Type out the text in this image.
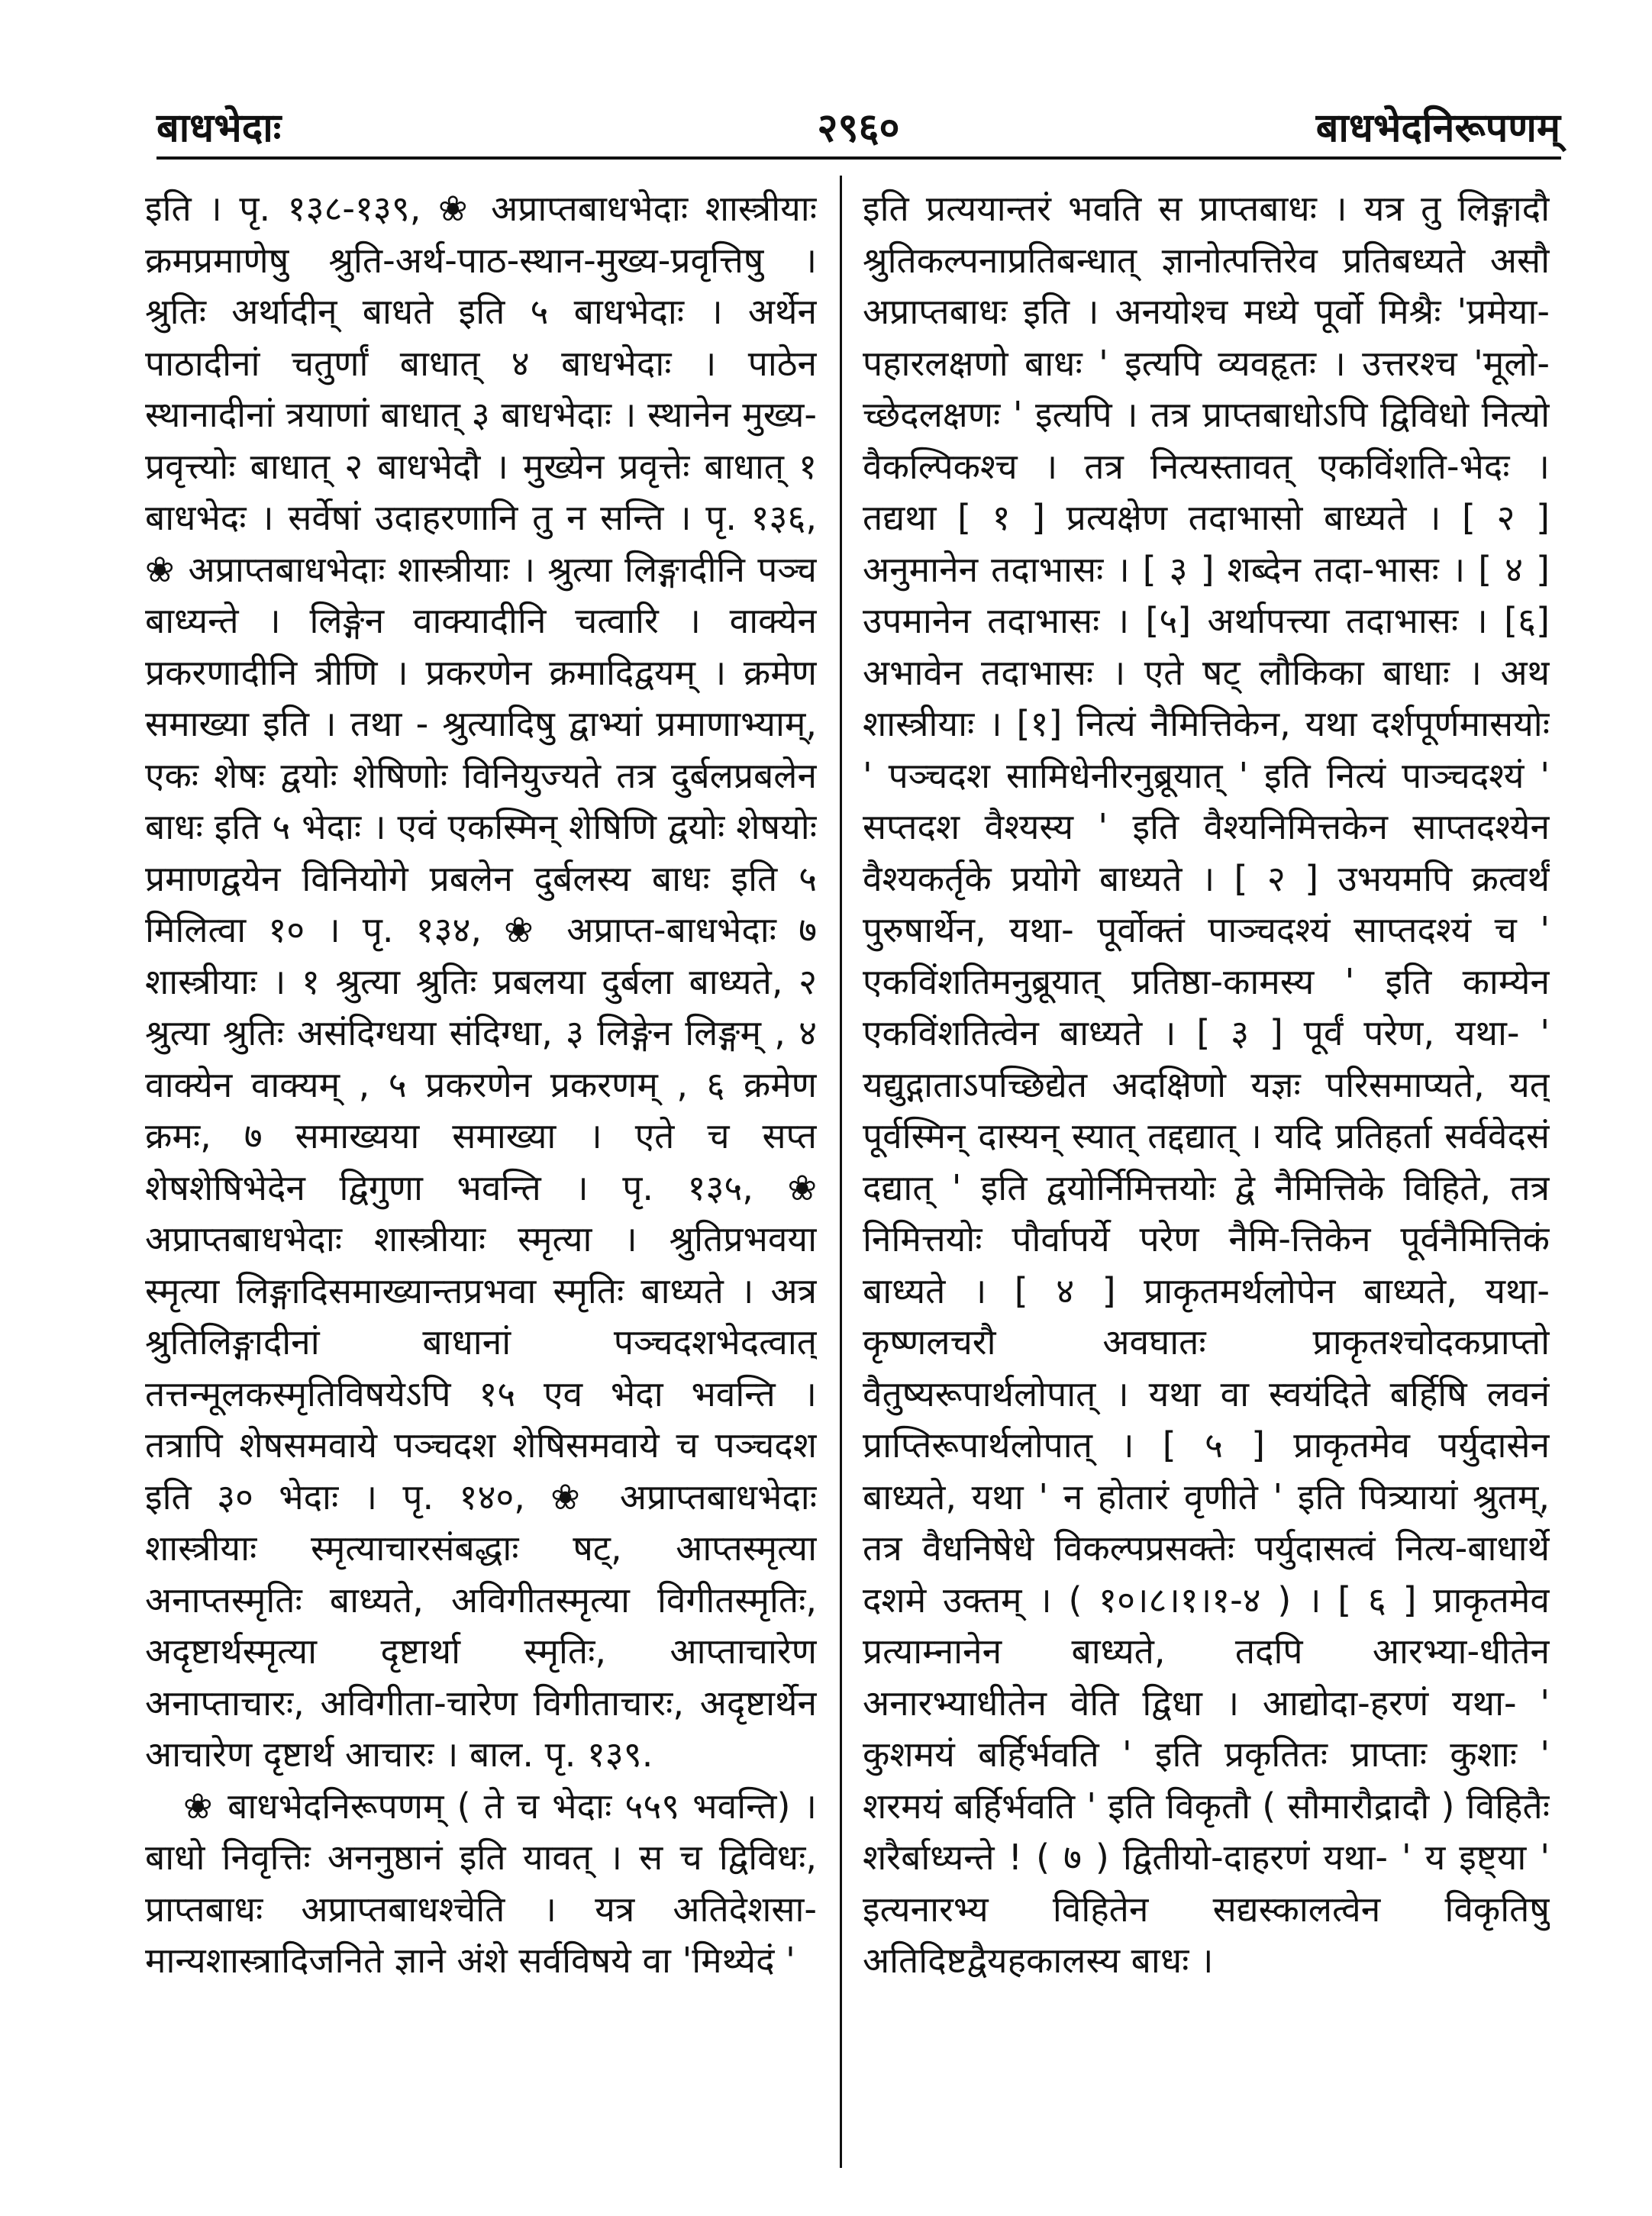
बाधभेदाः	२९६०	बाधभेदनिरूपणम्

इति । पृ. १३८-१३९, ❀ अप्राप्तबाधभेदाः शास्त्रीयाः क्रमप्रमाणेषु श्रुति-अर्थ-पाठ-स्थान-मुख्य-प्रवृत्तिषु । श्रुतिः अर्थादीन् बाधते इति ५ बाधभेदाः । अर्थेन पाठादीनां चतुर्णां बाधात् ४ बाधभेदाः । पाठेन स्थानादीनां त्रयाणां बाधात् ३ बाधभेदाः । स्थानेन मुख्य-प्रवृत्त्योः बाधात् २ बाधभेदौ । मुख्येन प्रवृत्तेः बाधात् १ बाधभेदः । सर्वेषां उदाहरणानि तु न सन्ति । पृ. १३६, ❀ अप्राप्तबाधभेदाः शास्त्रीयाः । श्रुत्या लिङ्गादीनि पञ्च बाध्यन्ते । लिङ्गेन वाक्यादीनि चत्वारि । वाक्येन प्रकरणादीनि त्रीणि । प्रकरणेन क्रमादिद्वयम् । क्रमेण समाख्या इति । तथा - श्रुत्यादिषु द्वाभ्यां प्रमाणाभ्याम्, एकः शेषः द्वयोः शेषिणोः विनियुज्यते तत्र दुर्बलप्रबलेन बाधः इति ५ भेदाः । एवं एकस्मिन् शेषिणि द्वयोः शेषयोः प्रमाणद्वयेन विनियोगे प्रबलेन दुर्बलस्य बाधः इति ५ मिलित्वा १० । पृ. १३४, ❀ अप्राप्त-बाधभेदाः ७ शास्त्रीयाः । १ श्रुत्या श्रुतिः प्रबलया दुर्बला बाध्यते, २ श्रुत्या श्रुतिः असंदिग्धया संदिग्धा, ३ लिङ्गेन लिङ्गम् , ४ वाक्येन वाक्यम् , ५ प्रकरणेन प्रकरणम् , ६ क्रमेण क्रमः, ७ समाख्यया समाख्या । एते च सप्त शेषशेषिभेदेन द्विगुणा भवन्ति । पृ. १३५, ❀ अप्राप्तबाधभेदाः शास्त्रीयाः स्मृत्या । श्रुतिप्रभवया स्मृत्या लिङ्गादिसमाख्यान्तप्रभवा स्मृतिः बाध्यते । अत्र श्रुतिलिङ्गादीनां बाधानां पञ्चदशभेदत्वात् तत्तन्मूलकस्मृतिविषयेऽपि १५ एव भेदा भवन्ति । तत्रापि शेषसमवाये पञ्चदश शेषिसमवाये च पञ्चदश इति ३० भेदाः । पृ. १४०, ❀ अप्राप्तबाधभेदाः शास्त्रीयाः स्मृत्याचारसंबद्धाः षट्, आप्तस्मृत्या अनाप्तस्मृतिः बाध्यते, अविगीतस्मृत्या विगीतस्मृतिः, अदृष्टार्थस्मृत्या दृष्टार्था स्मृतिः, आप्ताचारेण अनाप्ताचारः, अविगीता-चारेण विगीताचारः, अदृष्टार्थेन आचारेण दृष्टार्थ आचारः । बाल. पृ. १३९.

❀ बाधभेदनिरूपणम् ( ते च भेदाः ५५९ भवन्ति) । बाधो निवृत्तिः अननुष्ठानं इति यावत् । स च द्विविधः, प्राप्तबाधः अप्राप्तबाधश्चेति । यत्र अतिदेशसा-मान्यशास्त्रादिजनिते ज्ञाने अंशे सर्वविषये वा 'मिथ्येदं '

इति प्रत्ययान्तरं भवति स प्राप्तबाधः । यत्र तु लिङ्गादौ श्रुतिकल्पनाप्रतिबन्धात् ज्ञानोत्पत्तिरेव प्रतिबध्यते असौ अप्राप्तबाधः इति । अनयोश्च मध्ये पूर्वो मिश्रैः 'प्रमेया-पहारलक्षणो बाधः ' इत्यपि व्यवहृतः । उत्तरश्च 'मूलो-च्छेदलक्षणः ' इत्यपि । तत्र प्राप्तबाधोऽपि द्विविधो नित्यो वैकल्पिकश्च । तत्र नित्यस्तावत् एकविंशति-भेदः । तद्यथा [ १ ] प्रत्यक्षेण तदाभासो बाध्यते । [ २ ] अनुमानेन तदाभासः । [ ३ ] शब्देन तदा-भासः । [ ४ ] उपमानेन तदाभासः । [५] अर्थापत्त्या तदाभासः । [६] अभावेन तदाभासः । एते षट् लौकिका बाधाः । अथ शास्त्रीयाः । [१] नित्यं नैमित्तिकेन, यथा दर्शपूर्णमासयोः ' पञ्चदश सामिधेनीरनुब्रूयात् ' इति नित्यं पाञ्चदश्यं ' सप्तदश वैश्यस्य ' इति वैश्यनिमित्तकेन साप्तदश्येन वैश्यकर्तृके प्रयोगे बाध्यते । [ २ ] उभयमपि क्रत्वर्थं पुरुषार्थेन, यथा- पूर्वोक्तं पाञ्चदश्यं साप्तदश्यं च ' एकविंशतिमनुब्रूयात् प्रतिष्ठा-कामस्य ' इति काम्येन एकविंशतित्वेन बाध्यते । [ ३ ] पूर्वं परेण, यथा- ' यद्युद्गाताऽपच्छिद्येत अदक्षिणो यज्ञः परिसमाप्यते, यत् पूर्वस्मिन् दास्यन् स्यात् तद्दद्यात् । यदि प्रतिहर्ता सर्ववेदसं दद्यात् ' इति द्वयोर्निमित्तयोः द्वे नैमित्तिके विहिते, तत्र निमित्तयोः पौर्वापर्ये परेण नैमि-त्तिकेन पूर्वनैमित्तिकं बाध्यते । [ ४ ] प्राकृतमर्थलोपेन बाध्यते, यथा- कृष्णलचरौ अवघातः प्राकृतश्चोदकप्राप्तो वैतुष्यरूपार्थलोपात् । यथा वा स्वयंदिते बर्हिषि लवनं प्राप्तिरूपार्थलोपात् । [ ५ ] प्राकृतमेव पर्युदासेन बाध्यते, यथा ' न होतारं वृणीते ' इति पित्र्यायां श्रुतम्, तत्र वैधनिषेधे विकल्पप्रसक्तेः पर्युदासत्वं नित्य-बाधार्थे दशमे उक्तम् । ( १०।८।१।१-४ ) । [ ६ ] प्राकृतमेव प्रत्याम्नानेन बाध्यते, तदपि आरभ्या-धीतेन अनारभ्याधीतेन वेति द्विधा । आद्योदा-हरणं यथा- ' कुशमयं बर्हिर्भवति ' इति प्रकृतितः प्राप्ताः कुशाः ' शरमयं बर्हिर्भवति ' इति विकृतौ ( सौमारौद्रादौ ) विहितैः शरैर्बाध्यन्ते ! ( ७ ) द्वितीयो-दाहरणं यथा- ' य इष्ट्या ' इत्यनारभ्य विहितेन सद्यस्कालत्वेन विकृतिषु अतिदिष्टद्वैयहकालस्य बाधः ।
